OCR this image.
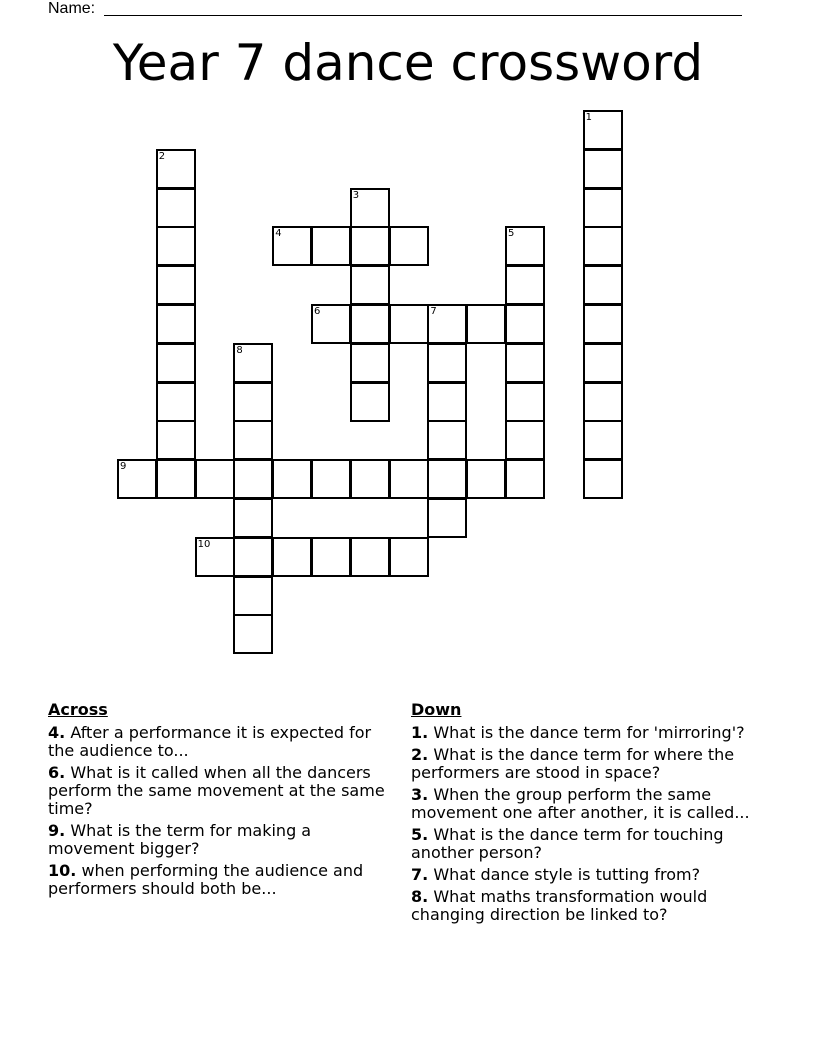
Name:
Year 7 dance crossword
1
2
3
4	5
6	7
8
9
10
Across
4. After a performance it is expected for the audience to...
6. What is it called when all the dancers perform the same movement at the same time?
9. What is the term for making a movement bigger?
10. when performing the audience and performers should both be...
Down
1. What is the dance term for 'mirroring'?
2. What is the dance term for where the performers are stood in space?
3. When the group perform the same movement one after another, it is called...
5. What is the dance term for touching another person?
7. What dance style is tutting from?
8. What maths transformation would changing direction be linked to?
